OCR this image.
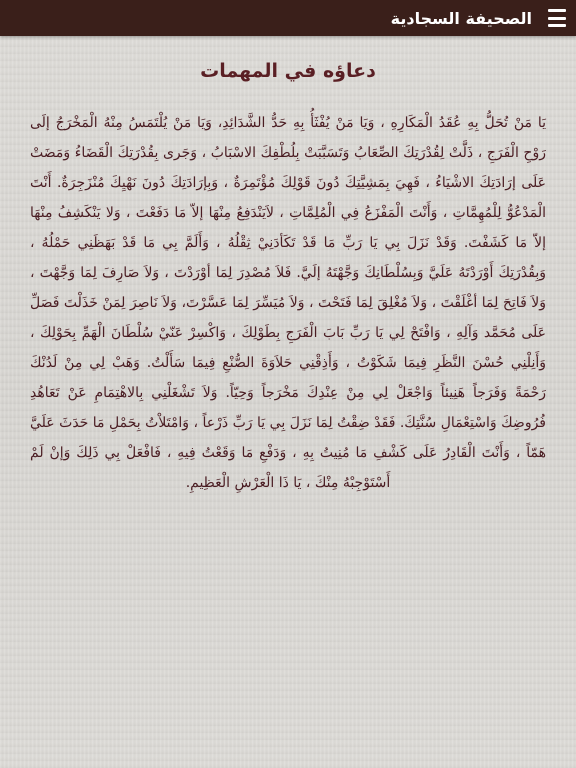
الصحيفة السجادية
دعاؤه في المهمات

يَا مَنْ تُحَلُّ بِهِ عُقَدُ الْمَكَارِهِ ، وَيَا مَنْ يُفْثَأُ بِهِ حَدُّ الشَّدَائِدِ، وَيَا مَنْ يُلْتَمَسُ مِنْهُ الْمَخْرَجُ إلَى رَوْحِ الْفَرَجِ ، ذَلَّتْ لِقُدْرَتِكَ الصِّعَابُ وَتَسَبَّبَتْ بِلُطْفِكَ الاسْبَابُ ، وَجَرى بِقُدْرَتِكَ الْقَضَاءُ وَمَضَتْ عَلَى إرَادَتِكَ الاشْيَاءُ ، فَهِيَ بِمَشِيَّتِكَ دُونَ قَوْلِكَ مُؤْتَمِرَةٌ ، وَبِإرَادَتِكَ دُونَ نَهْيِكَ مُنْزَجِرَةٌ. أَنْتَ الْمَدْعُوُّ لِلْمُهِمَّاتِ ، وَأَنْتَ الْمَفْزَعُ فِي الْمُلِمَّاتِ ، لاَيَنْدَفِعُ مِنْهَا إلاّ مَا دَفَعْتَ ، وَلا يَنْكَشِفُ مِنْهَا إلاّ مَا كَشَفْتَ. وَقَدْ نَزَلَ بِي يَا رَبِّ مَا قَدْ تَكَأدَنِيْ ثِقْلُهُ ، وَأَلَمَّ بِي مَا قَدْ بَهَظَنِي حَمْلُهُ ، وَبِقُدْرَتِكَ أَوْرَدْتَهُ عَلَيَّ وَبِسُلْطَانِكَ وَجَّهْتَهُ إلَيَّ. فَلاَ مُصْدِرَ لِمَا أوْرَدْتَ ، وَلاَ صَارِفَ لِمَا وَجَّهْتَ ، وَلاَ فَاتِحَ لِمَا أغْلَقْتَ ، وَلاَ مُغْلِقَ لِمَا فَتَحْتَ ، وَلاَ مُيَسِّرَ لِمَا عَسَّرْتَ، وَلاَ نَاصِرَ لِمَنْ خَذَلْتَ فَصَلِّ عَلَى مُحَمَّد وَآلِهِ ، وَافْتَحْ لِي يَا رَبِّ بَابَ الْفَرَجِ بِطَوْلِكَ ، وَاكْسِرْ عَنّيْ سُلْطَانَ الْهَمِّ بِحَوْلِكَ ، وَأَنِلْنِي حُسْنَ النَّظَرِ فِيمَا شَكَوْتُ ، وَأَذِقْنِي حَلاَوَةَ الصُّنْعِ فِيمَا سَأَلْتُ. وَهَبْ لِي مِنْ لَدُنْكَ رَحْمَةً وَفَرَجاً هَنِيئاً وَاجْعَلْ لِي مِنْ عِنْدِكَ مَخْرَجاً وَحِيّاً. وَلاَ تَشْغَلْنِي بِالاهْتِمَامِ عَنْ تَعَاهُدِ فُرُوضِكَ وَاسْتِعْمَالِ سُنَّتِكَ. فَقَدْ ضِقْتُ لِمَا نَزَلَ بِي يَا رَبِّ ذَرْعاً ، وَامْتَلاْتُ بِحَمْلِ مَا حَدَثَ عَلَيَّ هَمّاً ، وَأَنْتَ الْقَادِرُ عَلَى كَشْفِ مَا مُنِيتُ بِهِ ، وَدَفْعِ مَا وَقَعْتُ فِيهِ ، فَافْعَلْ بِي ذَلِكَ وَإنْ لَمْ أَسْتَوْجِبْهُ مِنْكَ ، يَا ذَا الْعَرْشِ الْعَظِيمِ.
